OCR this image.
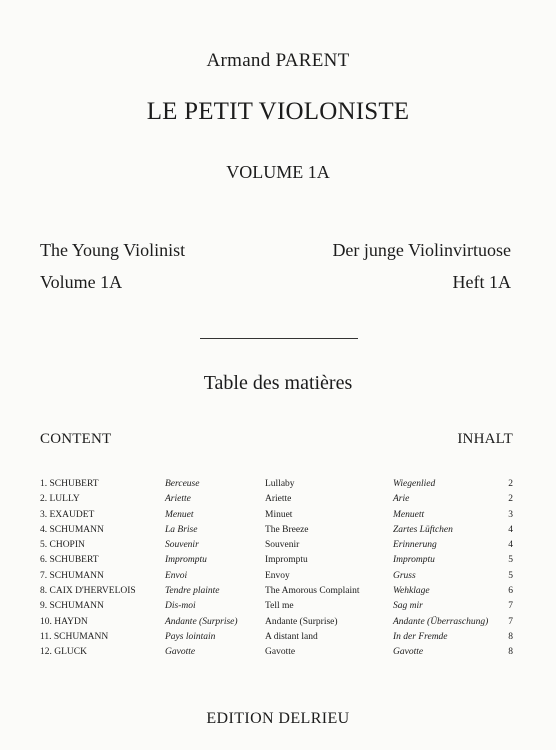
Armand PARENT
LE PETIT VIOLONISTE
VOLUME 1A
The Young Violinist	Der junge Violinvirtuose
Volume 1A	Heft 1A
Table des matières
CONTENT	INHALT
1. SCHUBERT	Berceuse	Lullaby	Wiegenlied	2
2. LULLY	Ariette	Ariette	Arie	2
3. EXAUDET	Menuet	Minuet	Menuett	3
4. SCHUMANN	La Brise	The Breeze	Zartes Lüftchen	4
5. CHOPIN	Souvenir	Souvenir	Erinnerung	4
6. SCHUBERT	Impromptu	Impromptu	Impromptu	5
7. SCHUMANN	Envoi	Envoy	Gruss	5
8. CAIX D'HERVELOIS	Tendre plainte	The Amorous Complaint	Wehklage	6
9. SCHUMANN	Dis-moi	Tell me	Sag mir	7
10. HAYDN	Andante (Surprise)	Andante (Surprise)	Andante (Überraschung) 7
11. SCHUMANN	Pays lointain	A distant land	In der Fremde	8
12. GLUCK	Gavotte	Gavotte	Gavotte	8
EDITION DELRIEU
